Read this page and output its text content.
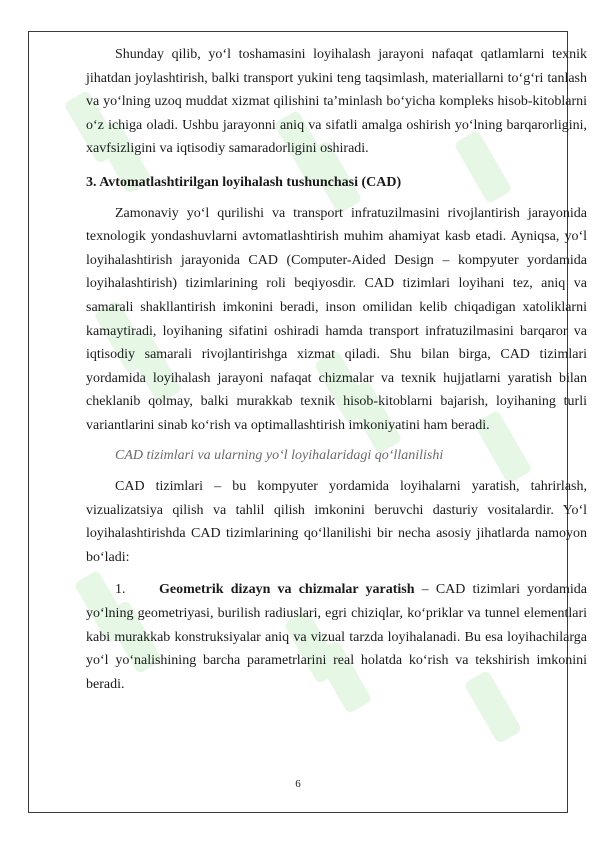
Shunday qilib, yo‘l toshamasini loyihalash jarayoni nafaqat qatlamlarni texnik jihatdan joylashtirish, balki transport yukini teng taqsimlash, materiallarni to‘g‘ri tanlash va yo‘lning uzoq muddat xizmat qilishini ta’minlash bo‘yicha kompleks hisob-kitoblarni o‘z ichiga oladi. Ushbu jarayonni aniq va sifatli amalga oshirish yo‘lning barqarorligini, xavfsizligini va iqtisodiy samaradorligini oshiradi.

3. Avtomatlashtirilgan loyihalash tushunchasi (CAD)

Zamonaviy yo‘l qurilishi va transport infratuzilmasini rivojlantirish jarayonida texnologik yondashuvlarni avtomatlashtirish muhim ahamiyat kasb etadi. Ayniqsa, yo‘l loyihalashtirish jarayonida CAD (Computer-Aided Design – kompyuter yordamida loyihalashtirish) tizimlarining roli beqiyosdir. CAD tizimlari loyihani tez, aniq va samarali shakllantirish imkonini beradi, inson omilidan kelib chiqadigan xatoliklarni kamaytiradi, loyihaning sifatini oshiradi hamda transport infratuzilmasini barqaror va iqtisodiy samarali rivojlantirishga xizmat qiladi. Shu bilan birga, CAD tizimlari yordamida loyihalash jarayoni nafaqat chizmalar va texnik hujjatlarni yaratish bilan cheklanib qolmay, balki murakkab texnik hisob-kitoblarni bajarish, loyihaning turli variantlarini sinab ko‘rish va optimallashtirish imkoniyatini ham beradi.

CAD tizimlari va ularning yo‘l loyihalaridagi qo‘llanilishi

CAD tizimlari – bu kompyuter yordamida loyihalarni yaratish, tahrirlash, vizualizatsiya qilish va tahlil qilish imkonini beruvchi dasturiy vositalardir. Yo‘l loyihalashtirishda CAD tizimlarining qo‘llanilishi bir necha asosiy jihatlarda namoyon bo‘ladi:

1. Geometrik dizayn va chizmalar yaratish – CAD tizimlari yordamida yo‘lning geometriyasi, burilish radiuslari, egri chiziqlar, ko‘priklar va tunnel elementlari kabi murakkab konstruksiyalar aniq va vizual tarzda loyihalanadi. Bu esa loyihachilarga yo‘l yo‘nalishining barcha parametrlarini real holatda ko‘rish va tekshirish imkonini beradi.

6
